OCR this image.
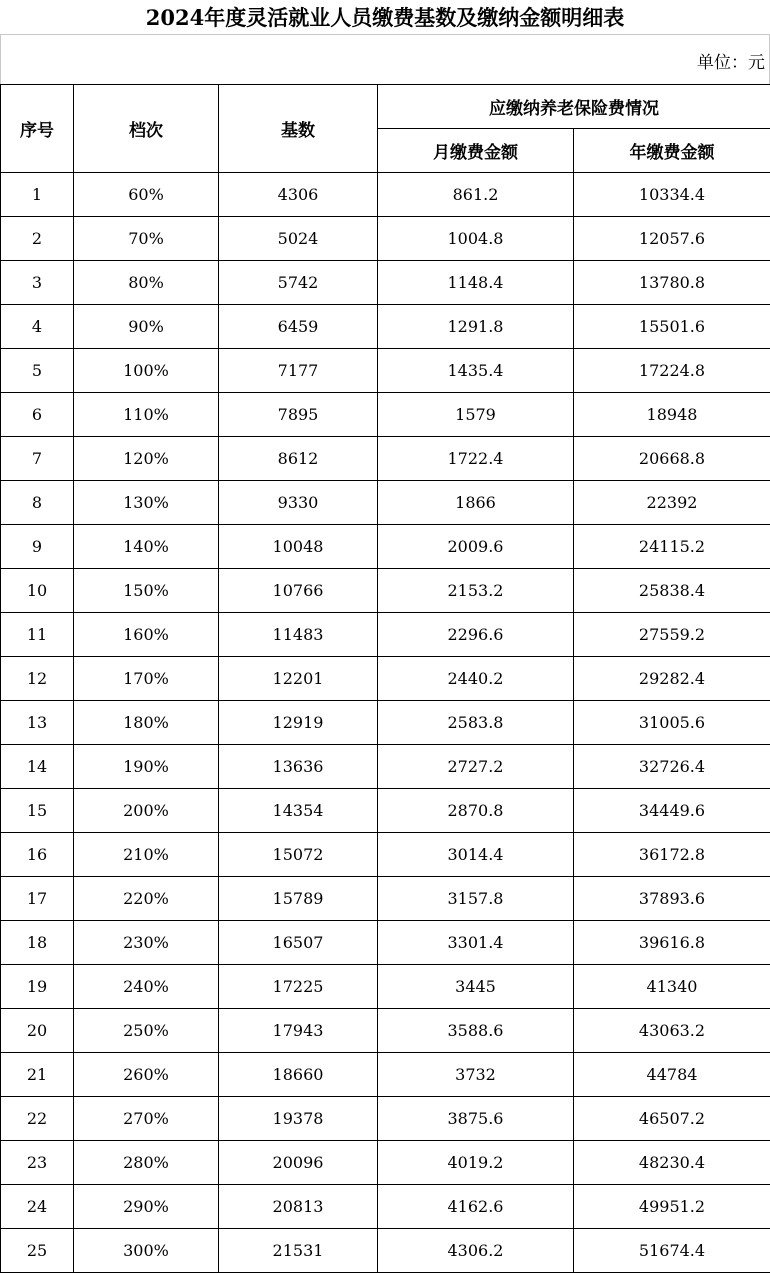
2024年度灵活就业人员缴费基数及缴纳金额明细表
单位：元
序号	档次	基数	应缴纳养老保险费情况	
			月缴费金额	年缴费金额
1	60%	4306	861.2	10334.4
2	70%	5024	1004.8	12057.6
3	80%	5742	1148.4	13780.8
4	90%	6459	1291.8	15501.6
5	100%	7177	1435.4	17224.8
6	110%	7895	1579	18948
7	120%	8612	1722.4	20668.8
8	130%	9330	1866	22392
9	140%	10048	2009.6	24115.2
10	150%	10766	2153.2	25838.4
11	160%	11483	2296.6	27559.2
12	170%	12201	2440.2	29282.4
13	180%	12919	2583.8	31005.6
14	190%	13636	2727.2	32726.4
15	200%	14354	2870.8	34449.6
16	210%	15072	3014.4	36172.8
17	220%	15789	3157.8	37893.6
18	230%	16507	3301.4	39616.8
19	240%	17225	3445	41340
20	250%	17943	3588.6	43063.2
21	260%	18660	3732	44784
22	270%	19378	3875.6	46507.2
23	280%	20096	4019.2	48230.4
24	290%	20813	4162.6	49951.2
25	300%	21531	4306.2	51674.4
